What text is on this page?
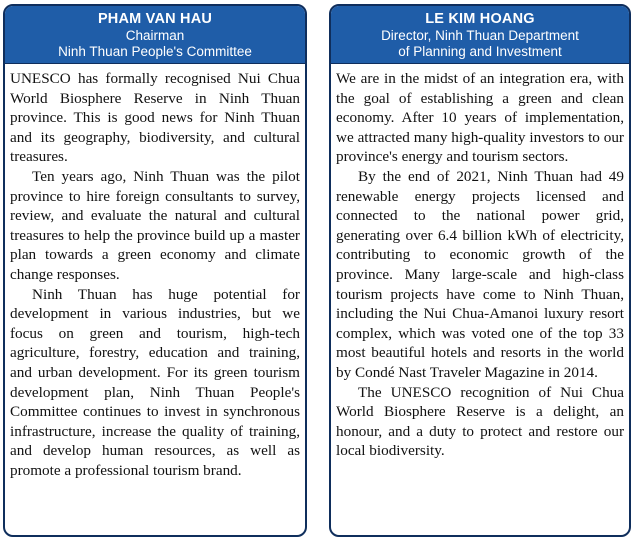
PHAM VAN HAU
Chairman
Ninh Thuan People's Committee

UNESCO has formally recognised Nui Chua World Biosphere Reserve in Ninh Thuan province. This is good news for Ninh Thuan and its geography, biodiversity, and cultural treasures.

Ten years ago, Ninh Thuan was the pilot province to hire foreign consultants to survey, review, and evaluate the natural and cultural treasures to help the province build up a master plan towards a green economy and climate change responses.

Ninh Thuan has huge potential for development in various industries, but we focus on green and tourism, high-tech agriculture, forestry, education and training, and urban development. For its green tourism development plan, Ninh Thuan People's Committee continues to invest in synchronous infrastructure, increase the quality of training, and develop human resources, as well as promote a professional tourism brand.

LE KIM HOANG
Director, Ninh Thuan Department
of Planning and Investment

We are in the midst of an integration era, with the goal of establishing a green and clean economy. After 10 years of implementation, we attracted many high-quality investors to our province's energy and tourism sectors.

By the end of 2021, Ninh Thuan had 49 renewable energy projects licensed and connected to the national power grid, generating over 6.4 billion kWh of electricity, contributing to economic growth of the province. Many large-scale and high-class tourism projects have come to Ninh Thuan, including the Nui Chua-Amanoi luxury resort complex, which was voted one of the top 33 most beautiful hotels and resorts in the world by Condé Nast Traveler Magazine in 2014.

The UNESCO recognition of Nui Chua World Biosphere Reserve is a delight, an honour, and a duty to protect and restore our local biodiversity.
